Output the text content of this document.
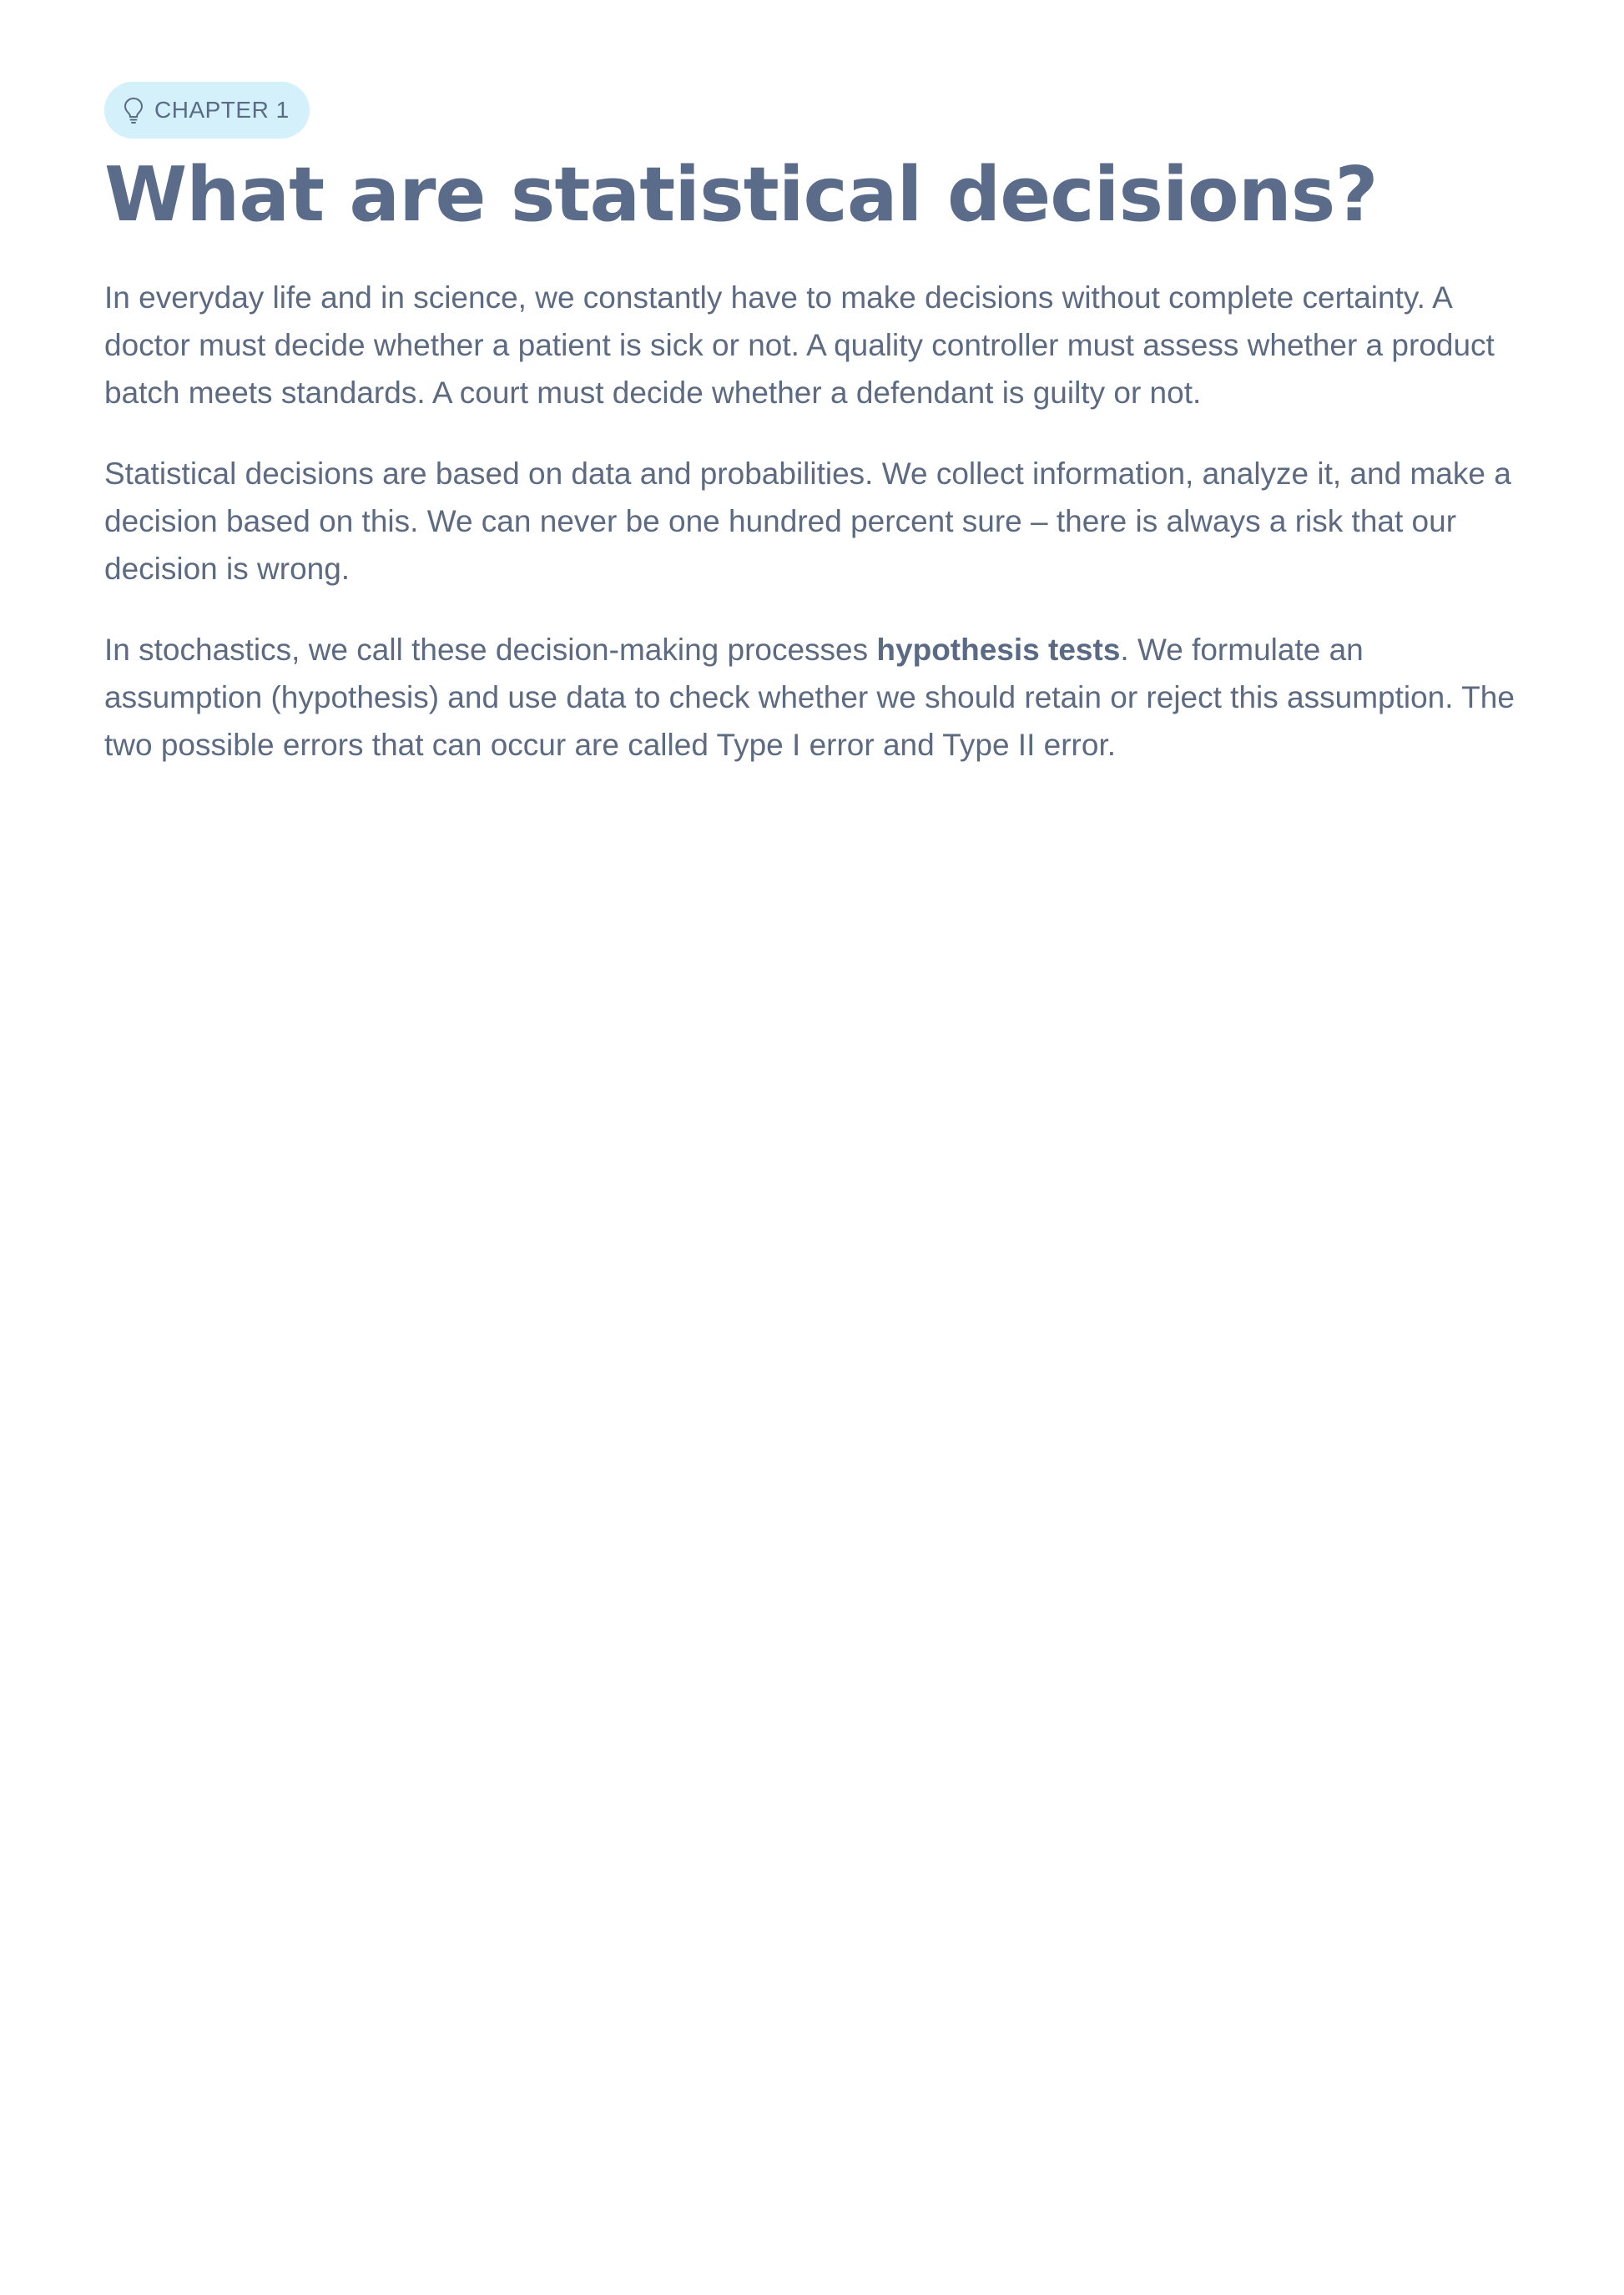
CHAPTER 1
What are statistical decisions?

In everyday life and in science, we constantly have to make decisions without complete certainty. A doctor must decide whether a patient is sick or not. A quality controller must assess whether a product batch meets standards. A court must decide whether a defendant is guilty or not.

Statistical decisions are based on data and probabilities. We collect information, analyze it, and make a decision based on this. We can never be one hundred percent sure – there is always a risk that our decision is wrong.

In stochastics, we call these decision-making processes hypothesis tests. We formulate an assumption (hypothesis) and use data to check whether we should retain or reject this assumption. The two possible errors that can occur are called Type I error and Type II error.
